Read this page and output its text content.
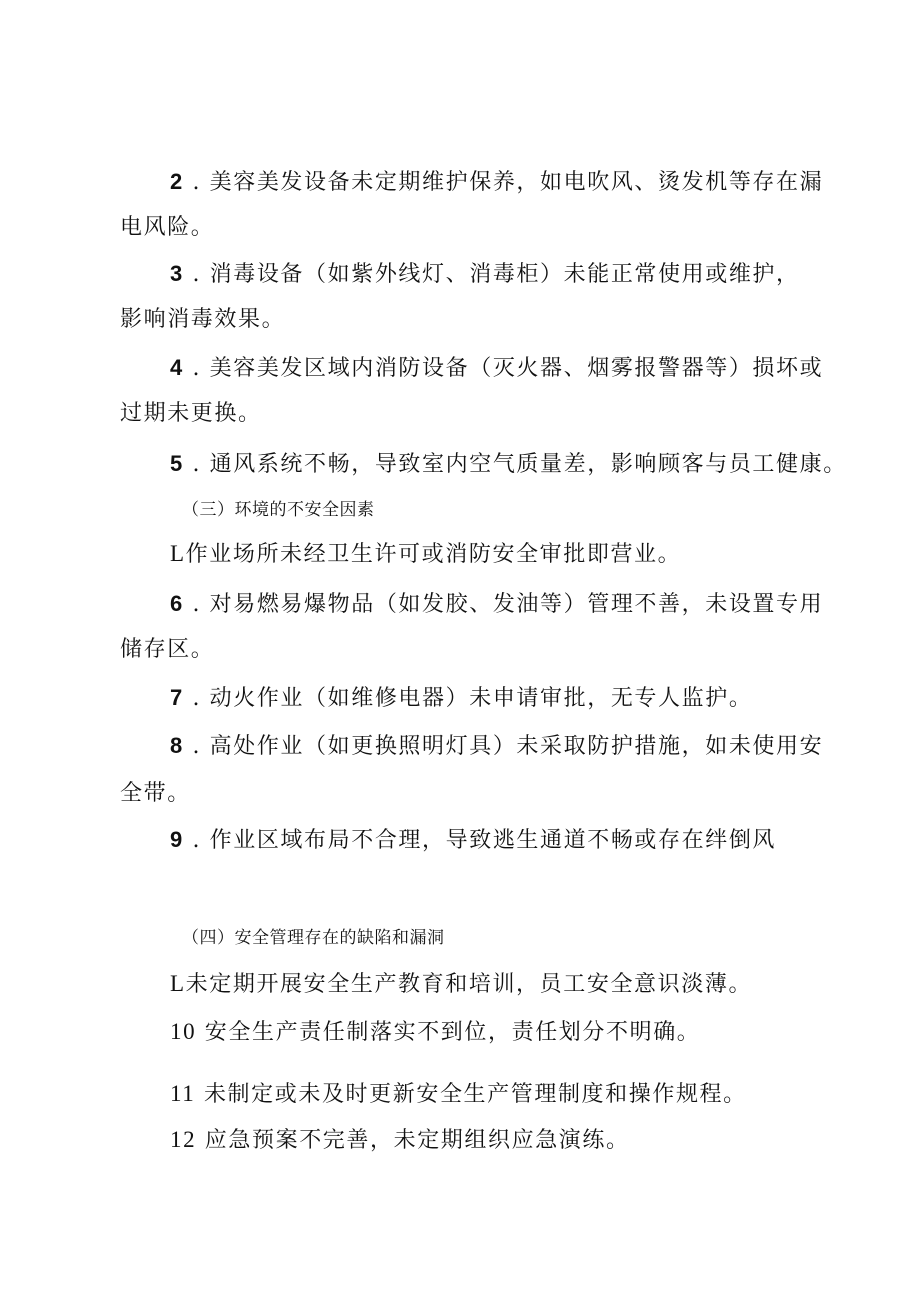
2 . 美容美发设备未定期维护保养，如电吹风、烫发机等存在漏
电风险。
3 . 消毒设备（如紫外线灯、消毒柜）未能正常使用或维护，
影响消毒效果。
4 . 美容美发区域内消防设备（灭火器、烟雾报警器等）损坏或
过期未更换。
5 . 通风系统不畅，导致室内空气质量差，影响顾客与员工健康。
（三）环境的不安全因素
L作业场所未经卫生许可或消防安全审批即营业。
6 . 对易燃易爆物品（如发胶、发油等）管理不善，未设置专用
储存区。
7 . 动火作业（如维修电器）未申请审批，无专人监护。
8 . 高处作业（如更换照明灯具）未采取防护措施，如未使用安
全带。
9 . 作业区域布局不合理，导致逃生通道不畅或存在绊倒风
（四）安全管理存在的缺陷和漏洞
L未定期开展安全生产教育和培训，员工安全意识淡薄。
10 安全生产责任制落实不到位，责任划分不明确。
11 未制定或未及时更新安全生产管理制度和操作规程。
12 应急预案不完善，未定期组织应急演练。
